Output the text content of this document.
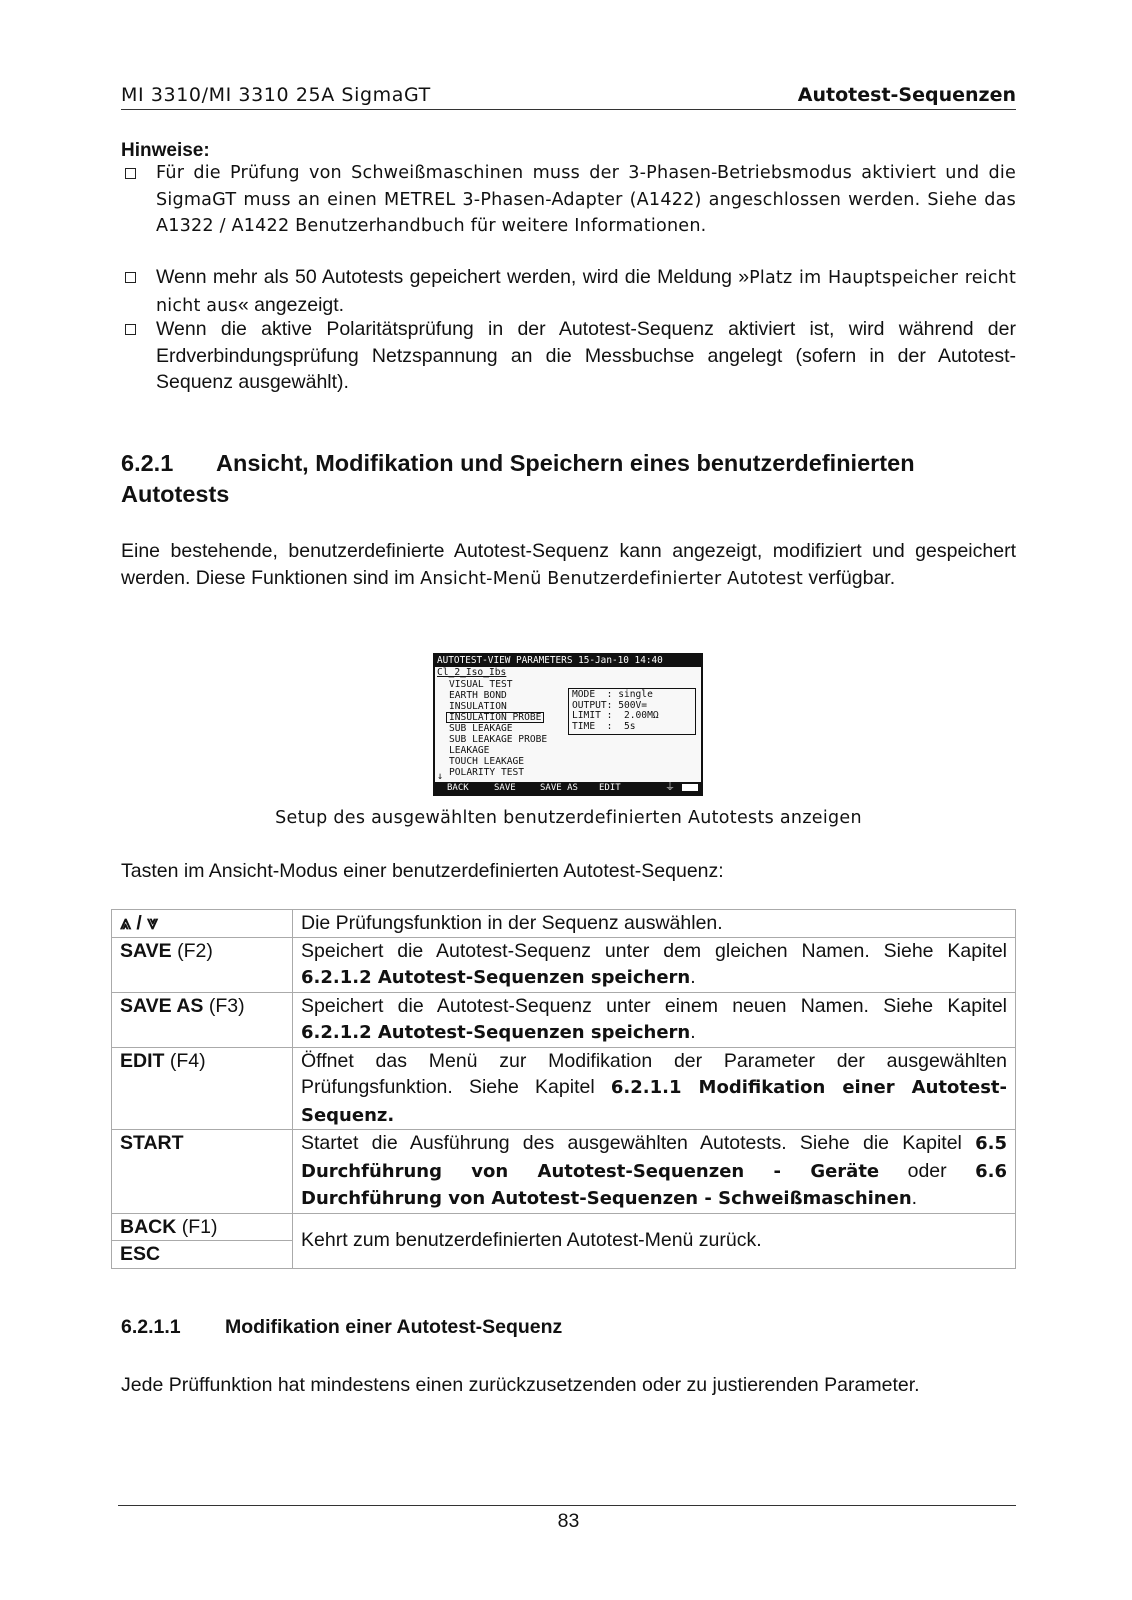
MI 3310/MI 3310 25A SigmaGT	Autotest-Sequenzen
Hinweise:
Für die Prüfung von Schweißmaschinen muss der 3-Phasen-Betriebsmodus aktiviert und die SigmaGT muss an einen METREL 3-Phasen-Adapter (A1422) angeschlossen werden. Siehe das A1322 / A1422 Benutzerhandbuch für weitere Informationen.
Wenn mehr als 50 Autotests gepeichert werden, wird die Meldung »Platz im Hauptspeicher reicht nicht aus« angezeigt.
Wenn die aktive Polaritätsprüfung in der Autotest-Sequenz aktiviert ist, wird während der Erdverbindungsprüfung Netzspannung an die Messbuchse angelegt (sofern in der Autotest-Sequenz ausgewählt).
6.2.1 Ansicht, Modifikation und Speichern eines benutzerdefinierten Autotests
Eine bestehende, benutzerdefinierte Autotest-Sequenz kann angezeigt, modifiziert und gespeichert werden. Diese Funktionen sind im Ansicht-Menü Benutzerdefinierter Autotest verfügbar.
AUTOTEST-VIEW PARAMETERS 15-Jan-10 14:40
Cl_2_Iso_Ibs
VISUAL TEST
EARTH BOND
INSULATION
INSULATION PROBE
SUB LEAKAGE
SUB LEAKAGE PROBE
LEAKAGE
TOUCH LEAKAGE
POLARITY TEST
↓
MODE  : single
OUTPUT: 500V=
LIMIT :  2.00MΩ
TIME  :  5s
BACK	SAVE	SAVE AS EDIT	⏚
Setup des ausgewählten benutzerdefinierten Autotests anzeigen
Tasten im Ansicht-Modus einer benutzerdefinierten Autotest-Sequenz:
⩓ / ⩔	Die Prüfungsfunktion in der Sequenz auswählen.
SAVE (F2)	Speichert die Autotest-Sequenz unter dem gleichen Namen. Siehe Kapitel 6.2.1.2 Autotest-Sequenzen speichern.
SAVE AS (F3)	Speichert die Autotest-Sequenz unter einem neuen Namen. Siehe Kapitel 6.2.1.2 Autotest-Sequenzen speichern.
EDIT (F4)	Öffnet das Menü zur Modifikation der Parameter der ausgewählten Prüfungsfunktion. Siehe Kapitel 6.2.1.1 Modifikation einer Autotest-Sequenz.
START	Startet die Ausführung des ausgewählten Autotests. Siehe die Kapitel 6.5 Durchführung von Autotest-Sequenzen - Geräte oder 6.6 Durchführung von Autotest-Sequenzen - Schweißmaschinen.
BACK (F1)	Kehrt zum benutzerdefinierten Autotest-Menü zurück.
ESC	
6.2.1.1 Modifikation einer Autotest-Sequenz
Jede Prüffunktion hat mindestens einen zurückzusetzenden oder zu justierenden Parameter.
83
